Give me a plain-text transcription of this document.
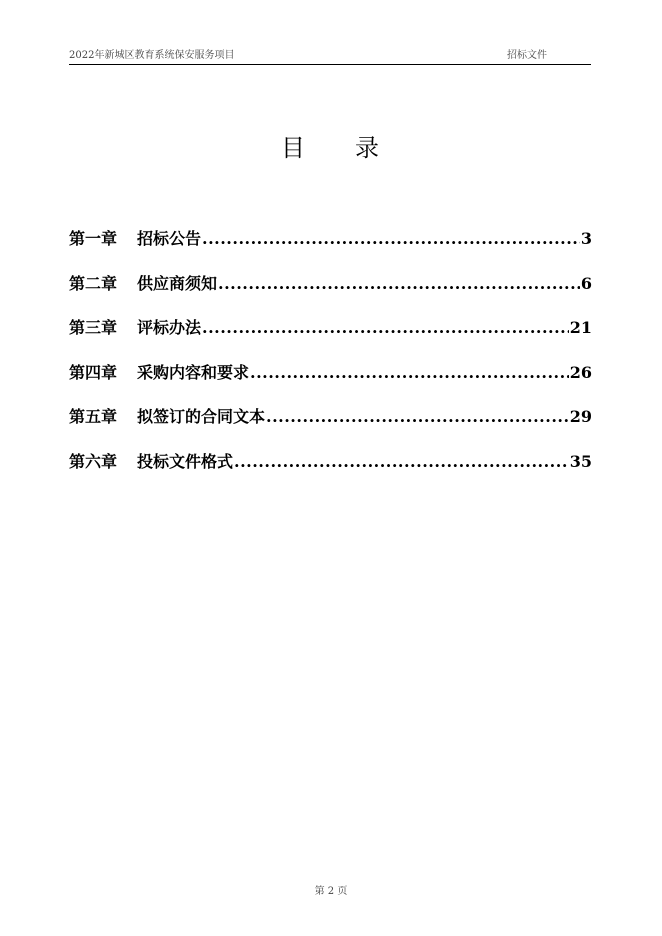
2022年新城区教育系统保安服务项目	招标文件
目 录
第一章	招标公告 .....	3
第二章	供应商须知 .....	6
第三章	评标办法 .....	21
第四章	采购内容和要求 .....	26
第五章	拟签订的合同文本 .....	29
第六章	投标文件格式 .....	35
第 2 页
